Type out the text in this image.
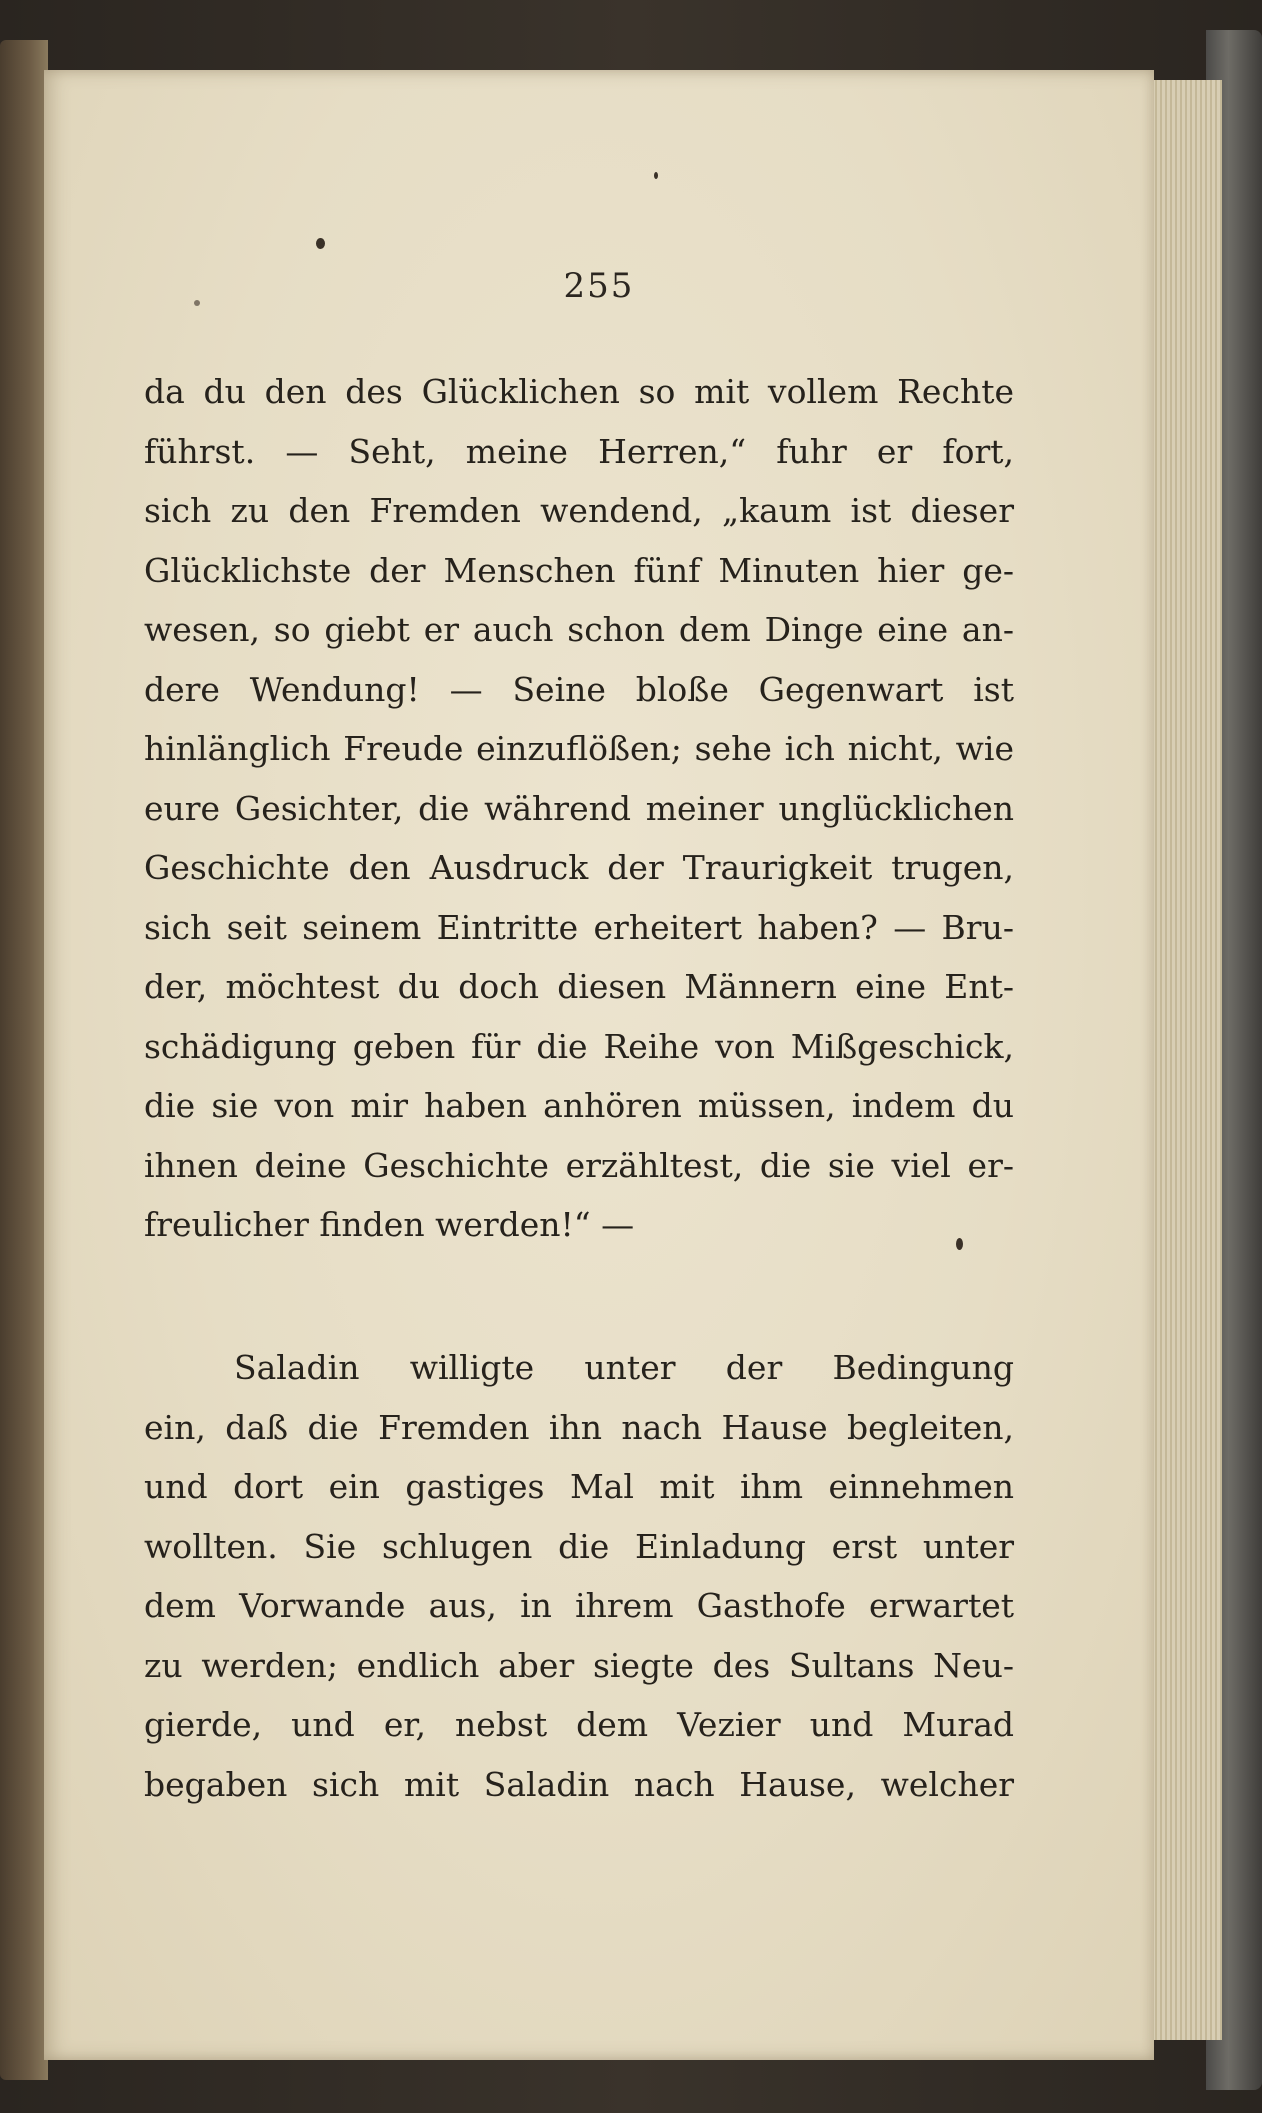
255
da du den des Glücklichen so mit vollem Rechte
führst. — Seht, meine Herren,“ fuhr er fort,
sich zu den Fremden wendend, „kaum ist dieser
Glücklichste der Menschen fünf Minuten hier ge-
wesen, so giebt er auch schon dem Dinge eine an-
dere Wendung! — Seine bloße Gegenwart ist
hinlänglich Freude einzuflößen; sehe ich nicht, wie
eure Gesichter, die während meiner unglücklichen
Geschichte den Ausdruck der Traurigkeit trugen,
sich seit seinem Eintritte erheitert haben? — Bru-
der, möchtest du doch diesen Männern eine Ent-
schädigung geben für die Reihe von Mißgeschick,
die sie von mir haben anhören müssen, indem du
ihnen deine Geschichte erzähltest, die sie viel er-
freulicher finden werden!“ —
Saladin willigte unter der Bedingung
ein, daß die Fremden ihn nach Hause begleiten,
und dort ein gastiges Mal mit ihm einnehmen
wollten. Sie schlugen die Einladung erst unter
dem Vorwande aus, in ihrem Gasthofe erwartet
zu werden; endlich aber siegte des Sultans Neu-
gierde, und er, nebst dem Vezier und Murad
begaben sich mit Saladin nach Hause, welcher
